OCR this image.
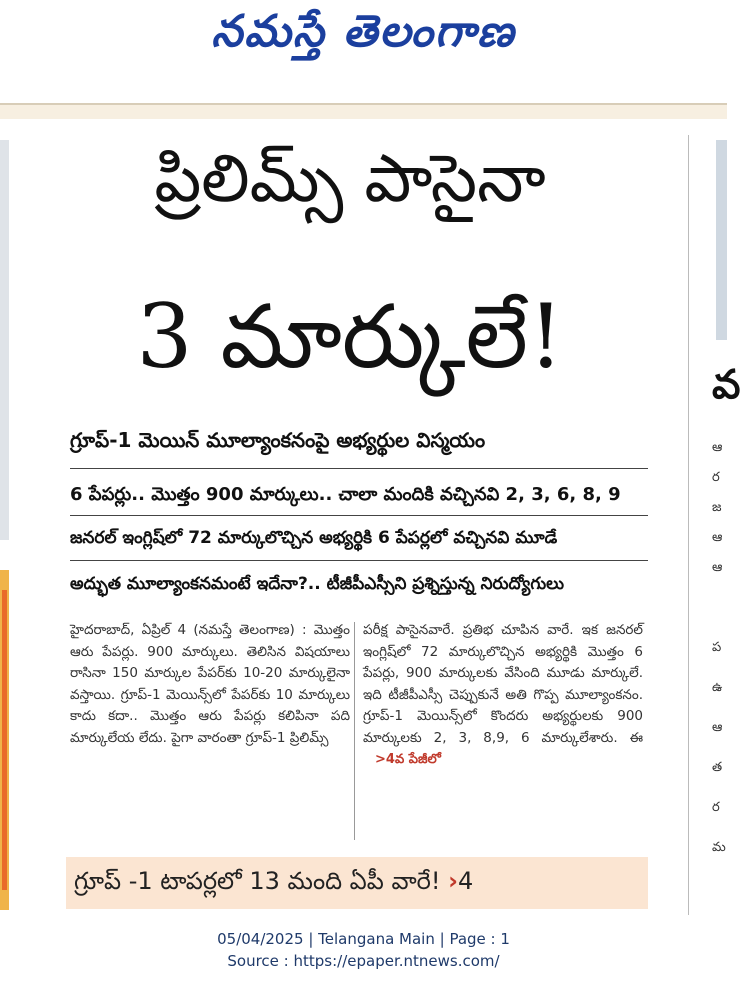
నమస్తే తెలంగాణ
వ
ఆ
ర
జ
ఆ
ఆ
ప
ఉ
ఆ
త
ర
మ
ప్రిలిమ్స్ పాసైనా
3 మార్కులే!
గ్రూప్-1 మెయిన్ మూల్యాంకనంపై అభ్యర్థుల విస్మయం
6 పేపర్లు.. మొత్తం 900 మార్కులు.. చాలా మందికి వచ్చినవి 2, 3, 6, 8, 9
జనరల్ ఇంగ్లిష్‌లో 72 మార్కులొచ్చిన అభ్యర్థికి 6 పేపర్లలో వచ్చినవి మూడే
అద్భుత మూల్యాంకనమంటే ఇదేనా?.. టీజీపీఎస్సీని ప్రశ్నిస్తున్న నిరుద్యోగులు
హైదరాబాద్, ఏప్రిల్ 4 (నమస్తే తెలంగాణ) : మొత్తం ఆరు పేపర్లు. 900 మార్కులు. తెలిసిన విషయాలు రాసినా 150 మార్కుల పేపర్‌కు 10-20 మార్కులైనా వస్తాయి. గ్రూప్-1 మెయిన్స్‌లో పేపర్‌కు 10 మార్కులు కాదు కదా.. మొత్తం ఆరు పేపర్లు కలిపినా పది మార్కులేయ లేదు. పైగా వారంతా గ్రూప్-1 ప్రిలిమ్స్
పరీక్ష పాసైనవారే. ప్రతిభ చూపిన వారే. ఇక జనరల్ ఇంగ్లిష్‌లో 72 మార్కులొచ్చిన అభ్యర్థికి మొత్తం 6 పేపర్లు, 900 మార్కులకు వేసింది మూడు మార్కులే. ఇది టీజీపీఎస్సీ చెప్పుకునే అతి గొప్ప మూల్యాంకనం. గ్రూప్-1 మెయిన్స్‌లో కొందరు అభ్యర్థులకు 900 మార్కులకు 2, 3, 8,9, 6 మార్కులేశారు. ఈ >4వ పేజీలో
గ్రూప్ -1 టాపర్లలో 13 మంది ఏపీ వారే! ›4
05/04/2025 | Telangana Main | Page : 1
Source : https://epaper.ntnews.com/
